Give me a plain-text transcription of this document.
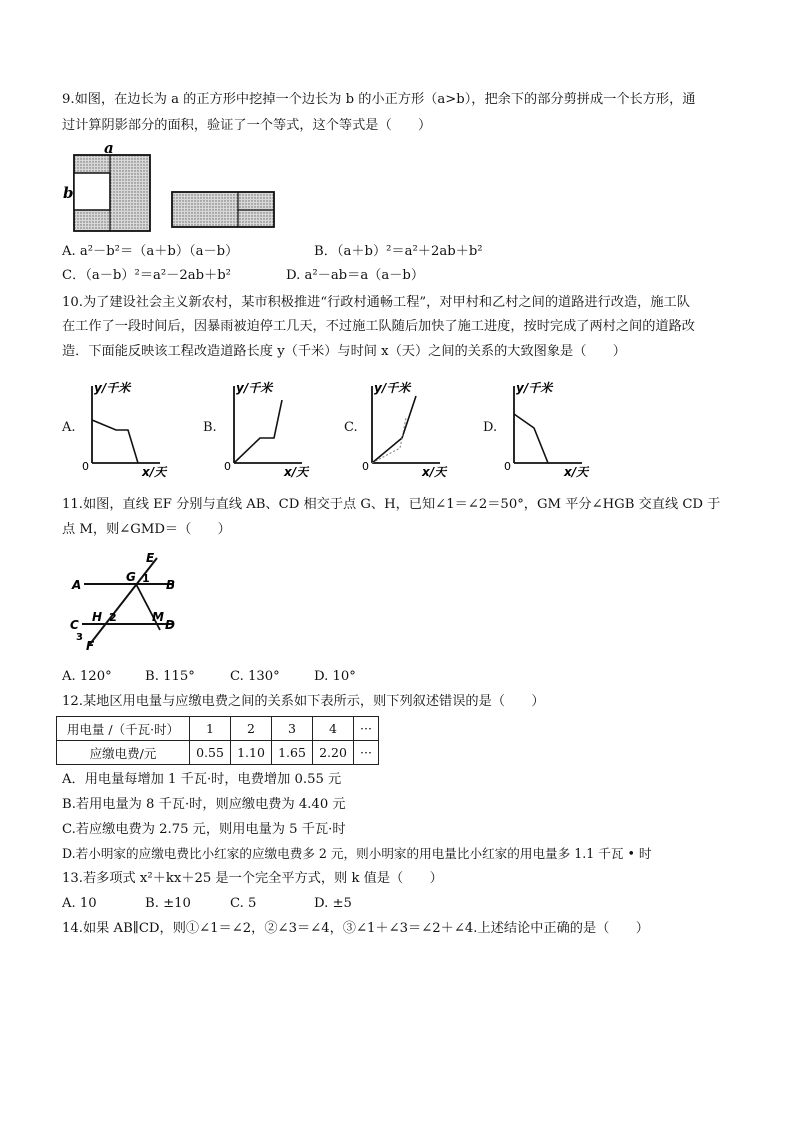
9.如图，在边长为 a 的正方形中挖掉一个边长为 b 的小正方形（a>b），把余下的部分剪拼成一个长方形，通
过计算阴影部分的面积，验证了一个等式，这个等式是（　　）
a
b
A. a²－b²＝（a＋b）（a－b）	B．（a＋b）²＝a²＋2ab＋b²
C．（a－b）²＝a²－2ab＋b²	D. a²－ab＝a（a－b）
10.为了建设社会主义新农村，某市积极推进“行政村通畅工程”，对甲村和乙村之间的道路进行改造，施工队
在工作了一段时间后，因暴雨被迫停工几天，不过施工队随后加快了施工进度，按时完成了两村之间的道路改
造．下面能反映该工程改造道路长度 y（千米）与时间 x（天）之间的关系的大致图象是（　　）
A.
y/千米
x/天
0
B.
y/千米
x/天
0
C.
y/千米
x/天
0
D.
y/千米
x/天
0
11.如图，直线 EF 分别与直线 AB、CD 相交于点 G、H，已知∠1＝∠2＝50°，GM 平分∠HGB 交直线 CD 于
点 M，则∠GMD＝（　　）
E
A
G 1 B
H 2	M
C	D
3
F
A. 120°	B. 115°	C. 130°	D. 10°
12.某地区用电量与应缴电费之间的关系如下表所示，则下列叙述错误的是（　　）
用电量 /（千瓦·时）	1	2	3	4	···
应缴电费/元	0.55	1.10	1.65	2.20	···
A．用电量每增加 1 千瓦·时，电费增加 0.55 元
B.若用电量为 8 千瓦·时，则应缴电费为 4.40 元
C.若应缴电费为 2.75 元，则用电量为 5 千瓦·时
D.若小明家的应缴电费比小红家的应缴电费多 2 元，则小明家的用电量比小红家的用电量多 1.1 千瓦 • 时
13.若多项式 x²＋kx＋25 是一个完全平方式，则 k 值是（　　）
A. 10	B. ±10	C. 5	D. ±5
14.如果 AB∥CD，则①∠1＝∠2，②∠3＝∠4，③∠1＋∠3＝∠2＋∠4.上述结论中正确的是（　　）
